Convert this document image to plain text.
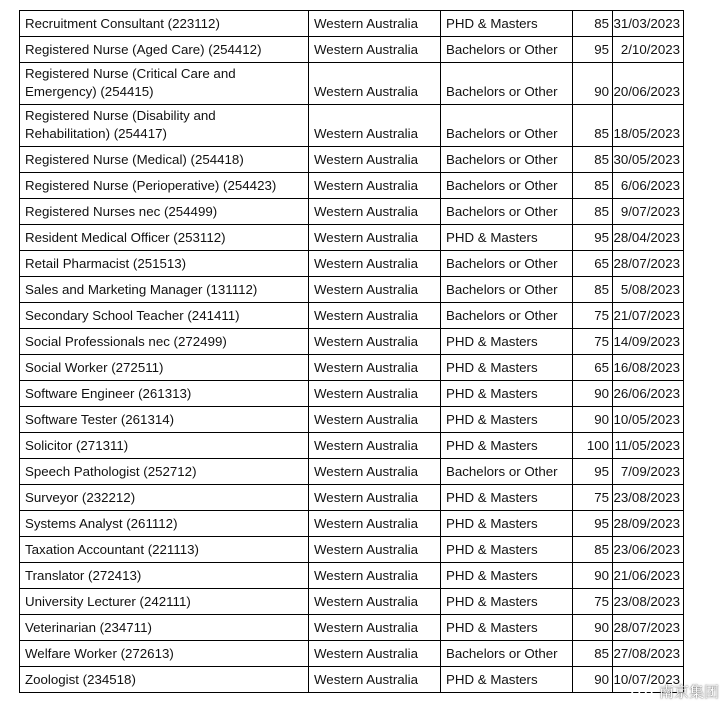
Recruitment Consultant (223112)	Western Australia	PHD & Masters	85	31/03/2023
Registered Nurse (Aged Care) (254412)	Western Australia	Bachelors or Other	95	2/10/2023
Registered Nurse (Critical Care and Emergency) (254415)	Western Australia	Bachelors or Other	90	20/06/2023
Registered Nurse (Disability and Rehabilitation) (254417)	Western Australia	Bachelors or Other	85	18/05/2023
Registered Nurse (Medical) (254418)	Western Australia	Bachelors or Other	85	30/05/2023
Registered Nurse (Perioperative) (254423)	Western Australia	Bachelors or Other	85	6/06/2023
Registered Nurses nec (254499)	Western Australia	Bachelors or Other	85	9/07/2023
Resident Medical Officer (253112)	Western Australia	PHD & Masters	95	28/04/2023
Retail Pharmacist (251513)	Western Australia	Bachelors or Other	65	28/07/2023
Sales and Marketing Manager (131112)	Western Australia	Bachelors or Other	85	5/08/2023
Secondary School Teacher (241411)	Western Australia	Bachelors or Other	75	21/07/2023
Social Professionals nec (272499)	Western Australia	PHD & Masters	75	14/09/2023
Social Worker (272511)	Western Australia	PHD & Masters	65	16/08/2023
Software Engineer (261313)	Western Australia	PHD & Masters	90	26/06/2023
Software Tester (261314)	Western Australia	PHD & Masters	90	10/05/2023
Solicitor (271311)	Western Australia	PHD & Masters	100	11/05/2023
Speech Pathologist (252712)	Western Australia	Bachelors or Other	95	7/09/2023
Surveyor (232212)	Western Australia	PHD & Masters	75	23/08/2023
Systems Analyst (261112)	Western Australia	PHD & Masters	95	28/09/2023
Taxation Accountant (221113)	Western Australia	PHD & Masters	85	23/06/2023
Translator (272413)	Western Australia	PHD & Masters	90	21/06/2023
University Lecturer (242111)	Western Australia	PHD & Masters	75	23/08/2023
Veterinarian (234711)	Western Australia	PHD & Masters	90	28/07/2023
Welfare Worker (272613)	Western Australia	Bachelors or Other	85	27/08/2023
Zoologist (234518)	Western Australia	PHD & Masters	90	10/07/2023
南京集团
